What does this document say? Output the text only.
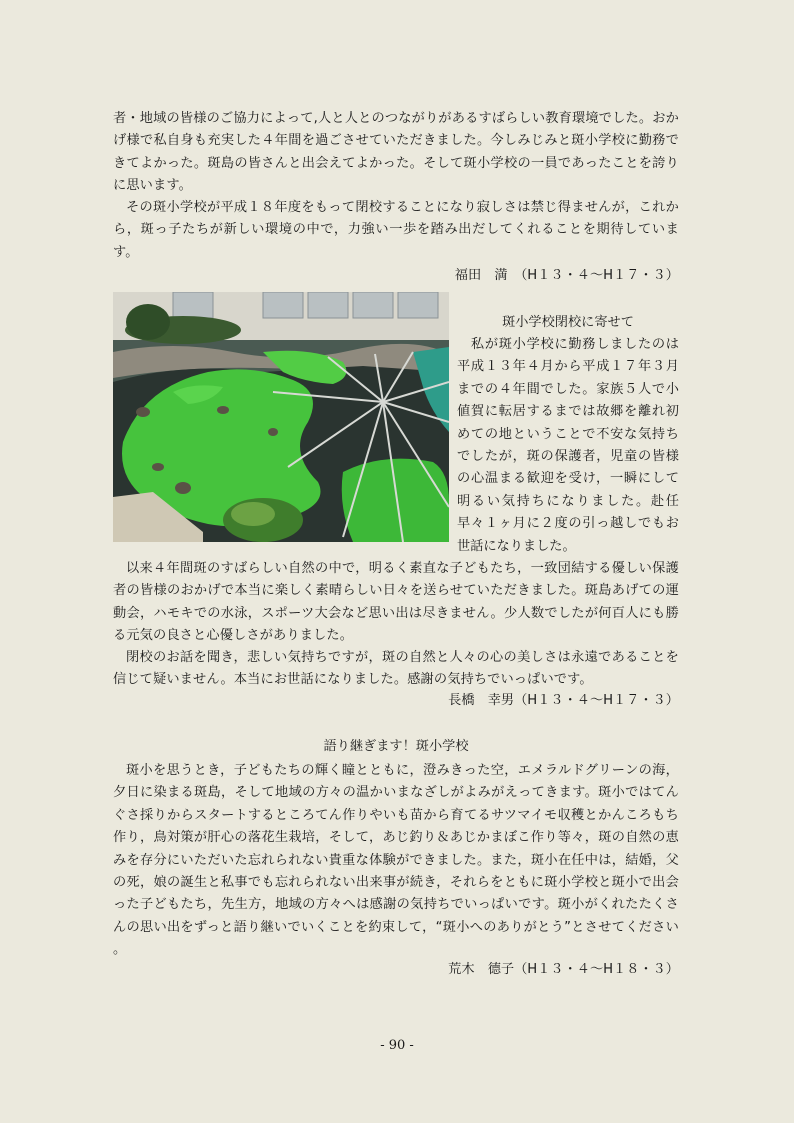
者・地域の皆様のご協力によって,人と人とのつながりがあるすばらしい教育環境でした。おかげ様で私自身も充実した４年間を過ごさせていただきました。今しみじみと斑小学校に勤務できてよかった。斑島の皆さんと出会えてよかった。そして斑小学校の一員であったことを誇りに思います。

その斑小学校が平成１８年度をもって閉校することになり寂しさは禁じ得ませんが，これから，斑っ子たちが新しい環境の中で，力強い一歩を踏み出だしてくれることを期待しています。

福田　満　（H１３・４～H１７・３）
斑小学校閉校に寄せて

　私が斑小学校に勤務しましたのは平成１３年４月から平成１７年３月までの４年間でした。家族５人で小値賀に転居するまでは故郷を離れ初めての地ということで不安な気持ちでしたが，斑の保護者，児童の皆様の心温まる歓迎を受け，一瞬にして明るい気持ちになりました。赴任早々１ヶ月に２度の引っ越しでもお世話になりました。

以来４年間斑のすばらしい自然の中で，明るく素直な子どもたち，一致団結する優しい保護者の皆様のおかげで本当に楽しく素晴らしい日々を送らせていただきました。斑島あげての運動会，ハモキでの水泳，スポーツ大会など思い出は尽きません。少人数でしたが何百人にも勝る元気の良さと心優しさがありました。

閉校のお話を聞き，悲しい気持ちですが，斑の自然と人々の心の美しさは永遠であることを信じて疑いません。本当にお世話になりました。感謝の気持ちでいっぱいです。

長橋　幸男（H１３・４～H１７・３）
語り継ぎます！斑小学校

斑小を思うとき，子どもたちの輝く瞳とともに，澄みきった空，エメラルドグリーンの海，夕日に染まる斑島，そして地域の方々の温かいまなざしがよみがえってきます。斑小ではてんぐさ採りからスタートするところてん作りやいも苗から育てるサツマイモ収穫とかんころもち作り，鳥対策が肝心の落花生栽培，そして，あじ釣り＆あじかまぼこ作り等々，斑の自然の恵みを存分にいただいた忘れられない貴重な体験ができました。また，斑小在任中は，結婚，父の死，娘の誕生と私事でも忘れられない出来事が続き，それらをともに斑小学校と斑小で出会った子どもたち，先生方，地域の方々へは感謝の気持ちでいっぱいです。斑小がくれたたくさんの思い出をずっと語り継いでいくことを約束して，“斑小へのありがとう”とさせてください 。

荒木　德子（H１３・４～H１８・３）
- 90 -
